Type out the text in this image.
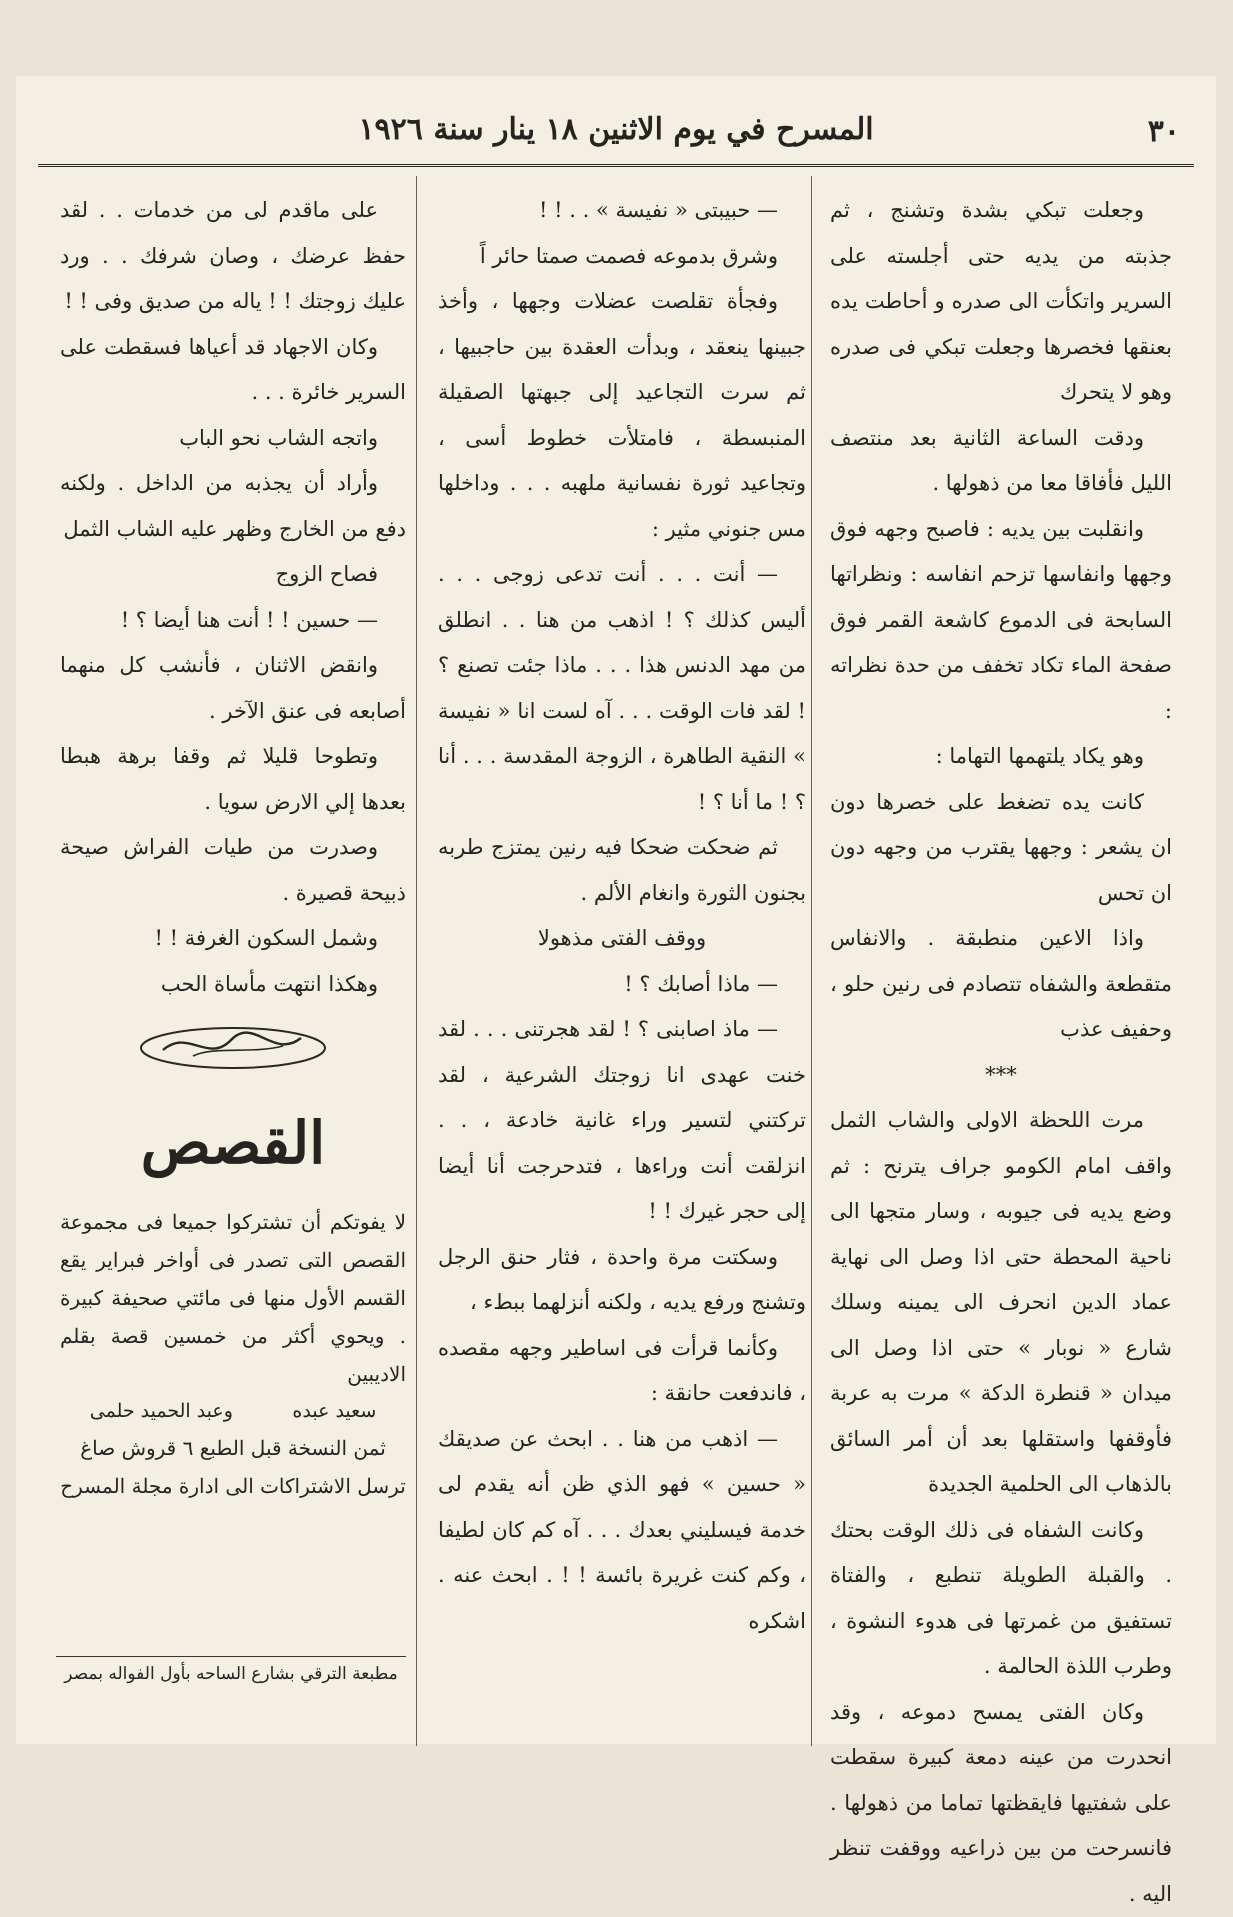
٣٠
المسرح في يوم الاثنين ١٨ ينار سنة ١٩٢٦

وجعلت تبكي بشدة وتشنج ، ثم جذبته من يديه حتى أجلسته على السرير واتكأت الى صدره و أحاطت يده بعنقها فخصرها وجعلت تبكي فى صدره وهو لا يتحرك

ودقت الساعة الثانية بعد منتصف الليل فأفاقا معا من ذهولها .

وانقلبت بين يديه : فاصبح وجهه فوق وجهها وانفاسها تزحم انفاسه : ونظراتها السابحة فى الدموع كاشعة القمر فوق صفحة الماء تكاد تخفف من حدة نظراته :

وهو يكاد يلتهمها التهاما :

كانت يده تضغط على خصرها دون ان يشعر : وجهها يقترب من وجهه دون ان تحس

واذا الاعين منطبقة . والانفاس متقطعة والشفاه تتصادم فى رنين حلو ، وحفيف عذب

***

مرت اللحظة الاولى والشاب الثمل واقف امام الكومو جراف يترنح : ثم وضع يديه فى جيوبه ، وسار متجها الى ناحية المحطة حتى اذا وصل الى نهاية عماد الدين انحرف الى يمينه وسلك شارع « نوبار » حتى اذا وصل الى ميدان « قنطرة الدكة » مرت به عربة فأوقفها واستقلها بعد أن أمر السائق بالذهاب الى الحلمية الجديدة

وكانت الشفاه فى ذلك الوقت بحتك . والقبلة الطويلة تنطبع ، والفتاة تستفيق من غمرتها فى هدوء النشوة ، وطرب اللذة الحالمة .

وكان الفتى يمسح دموعه ، وقد انحدرت من عينه دمعة كبيرة سقطت على شفتيها فايقظتها تماما من ذهولها . فانسرحت من بين ذراعيه ووقفت تنظر اليه .

— حبيبتى « نفيسة » . . ! !

وشرق بدموعه فصمت صمتا حائر اً

وفجأة تقلصت عضلات وجهها ، وأخذ جبينها ينعقد ، وبدأت العقدة بين حاجبيها ، ثم سرت التجاعيد إلى جبهتها الصقيلة المنبسطة ، فامتلأت خطوط أسى ، وتجاعيد ثورة نفسانية ملهبه . . . وداخلها مس جنوني مثير :

— أنت . . . أنت تدعى زوجى . . . أليس كذلك ؟ ! اذهب من هنا . . انطلق من مهد الدنس هذا . . . ماذا جئت تصنع ؟ ! لقد فات الوقت . . . آه لست انا « نفيسة » النقية الطاهرة ، الزوجة المقدسة . . . أنا ؟ ! ما أنا ؟ !

ثم ضحكت ضحكا فيه رنين يمتزج طربه بجنون الثورة وانغام الألم .

ووقف الفتى مذهولا

— ماذا أصابك ؟ !

— ماذ اصابنى ؟ ! لقد هجرتنى . . . لقد خنت عهدى انا زوجتك الشرعية ، لقد تركتني لتسير وراء غانية خادعة ، . . انزلقت أنت وراءها ، فتدحرجت أنا أيضا إلى حجر غيرك ! !

وسكتت مرة واحدة ، فثار حنق الرجل وتشنج ورفع يديه ، ولكنه أنزلهما ببطء ،

وكأنما قرأت فى اساطير وجهه مقصده ، فاندفعت حانقة :

— اذهب من هنا . . ابحث عن صديقك « حسين » فهو الذي ظن أنه يقدم لى خدمة فيسليني بعدك . . . آه كم كان لطيفا ، وكم كنت غريرة بائسة ! ! . ابحث عنه . اشكره

على ماقدم لى من خدمات . . لقد حفظ عرضك ، وصان شرفك . . ورد عليك زوجتك ! ! ياله من صديق وفى ! !

وكان الاجهاد قد أعياها فسقطت على السرير خائرة . . .

واتجه الشاب نحو الباب

وأراد أن يجذبه من الداخل . ولكنه دفع من الخارج وظهر عليه الشاب الثمل

فصاح الزوج

— حسين ! ! أنت هنا أيضا ؟ !

وانقض الاثنان ، فأنشب كل منهما أصابعه فى عنق الآخر .

وتطوحا قليلا ثم وقفا برهة هبطا بعدها إلي الارض سويا .

وصدرت من طيات الفراش صيحة ذبيحة قصيرة .

وشمل السكون الغرفة ! !

وهكذا انتهت مأساة الحب

القصص

لا يفوتكم أن تشتركوا جميعا فى مجموعة القصص التى تصدر فى أواخر فبراير يقع القسم الأول منها فى مائتي صحيفة كبيرة . ويحوي أكثر من خمسين قصة بقلم الاديبين

سعيد عبده
وعبد الحميد حلمى

ثمن النسخة قبل الطبع ٦ قروش صاغ

ترسل الاشتراكات الى ادارة مجلة المسرح

مطبعة الترقي بشارع الساحه بأول الفواله بمصر
